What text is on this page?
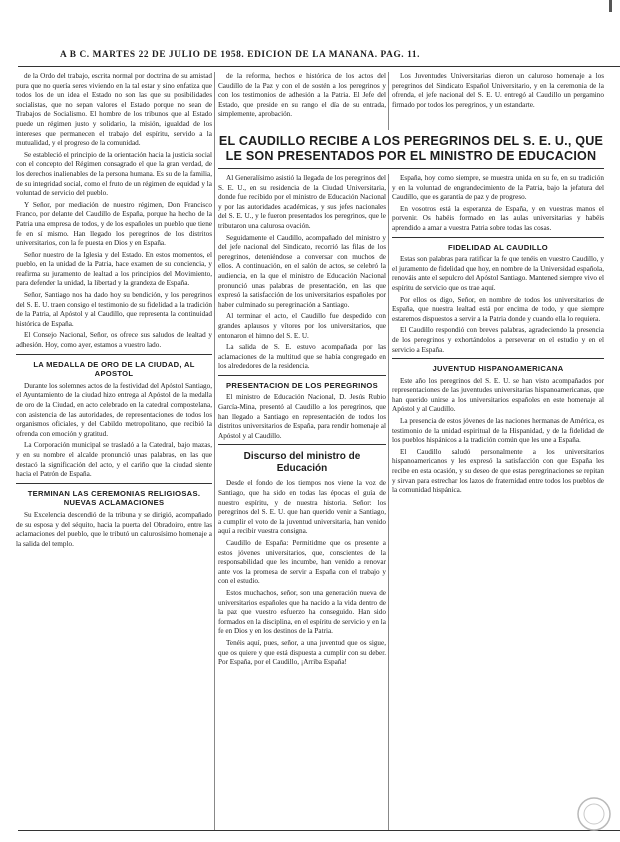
A B C. MARTES 22 DE JULIO DE 1958. EDICION DE LA MAÑANA. PAG. 11.

de la Ordo del trabajo, escrita normal por doctrina de su amistad pura que no quería seres viviendo en la tal estar y sino enfatiza que todos los de un idea el Estado no son las que su posibilidades socialistas, que no sepan valores el Estado porque no sean de Trabajos de Socialismo. El hombre de los tribunos que al Estado puede un régimen justo y solidario, la misión, igualdad de los intereses que permanecen el trabajo del espíritu, servido a la mutualidad, y el progreso de la comunidad.

Se estableció el principio de la orientación hacia la justicia social con el concepto del Régimen consagrado el que la gran verdad, de los derechos inalienables de la persona humana. Es su de la familia, de su integridad social, como el fruto de un régimen de equidad y la voluntad de servicio del pueblo.

Y Señor, por mediación de nuestro régimen, Don Francisco Franco, por delante del Caudillo de España, porque ha hecho de la Patria una empresa de todos, y de los españoles un pueblo que tiene fe en sí mismo. Han llegado los peregrinos de los distritos universitarios, con la fe puesta en Dios y en España.

Señor nuestro de la Iglesia y del Estado. En estos momentos, el pueblo, en la unidad de la Patria, hace examen de su conciencia, y reafirma su juramento de lealtad a los principios del Movimiento, para defender la unidad, la libertad y la grandeza de España.

Señor, Santiago nos ha dado hoy su bendición, y los peregrinos del S. E. U. traen consigo el testimonio de su fidelidad a la tradición de la Patria, al Apóstol y al Caudillo, que representa la continuidad histórica de España.

El Consejo Nacional, Señor, os ofrece sus saludos de lealtad y adhesión. Hoy, como ayer, estamos a vuestro lado.

LA MEDALLA DE ORO DE LA CIUDAD, AL APOSTOL

Durante los solemnes actos de la festividad del Apóstol Santiago, el Ayuntamiento de la ciudad hizo entrega al Apóstol de la medalla de oro de la Ciudad, en acto celebrado en la catedral compostelana, con asistencia de las autoridades, de representaciones de todos los organismos oficiales, y del Cabildo metropolitano, que recibió la ofrenda con emoción y gratitud.

La Corporación municipal se trasladó a la Catedral, bajo mazas, y en su nombre el alcalde pronunció unas palabras, en las que destacó la significación del acto, y el cariño que la ciudad siente hacia el Patrón de España.

TERMINAN LAS CEREMONIAS RELIGIOSAS. NUEVAS ACLAMACIONES

Su Excelencia descendió de la tribuna y se dirigió, acompañado de su esposa y del séquito, hacia la puerta del Obradoiro, entre las aclamaciones del pueblo, que le tributó un calurosísimo homenaje a la salida del templo.

de la reforma, hechos e histórica de los actos del Caudillo de la Paz y con el de sostén a los peregrinos y con los testimonios de adhesión a la Patria. El Jefe del Estado, que preside en su rango el día de su entrada, simplemente, aprobación.

Los Juventudes Universitarias dieron un caluroso homenaje a los peregrinos del Sindicato Español Universitario, y en la ceremonia de la ofrenda, el jefe nacional del S. E. U. entregó al Caudillo un pergamino firmado por todos los peregrinos, y un estandarte.

EL CAUDILLO RECIBE A LOS PEREGRINOS DEL S. E. U., QUE LE SON PRESENTADOS POR EL MINISTRO DE EDUCACION

Al Generalísimo asistió la llegada de los peregrinos del S. E. U., en su residencia de la Ciudad Universitaria, donde fue recibido por el ministro de Educación Nacional y por las autoridades académicas, y sus jefes nacionales del S. E. U., y le fueron presentados los peregrinos, que le tributaron una calurosa ovación.

Seguidamente el Caudillo, acompañado del ministro y del jefe nacional del Sindicato, recorrió las filas de los peregrinos, deteniéndose a conversar con muchos de ellos. A continuación, en el salón de actos, se celebró la audiencia, en la que el ministro de Educación Nacional pronunció unas palabras de presentación, en las que expresó la satisfacción de los universitarios españoles por haber culminado su peregrinación a Santiago.

Al terminar el acto, el Caudillo fue despedido con grandes aplausos y vítores por los universitarios, que entonaron el himno del S. E. U.

La salida de S. E. estuvo acompañada por las aclamaciones de la multitud que se había congregado en los alrededores de la residencia.

PRESENTACION DE LOS PEREGRINOS

El ministro de Educación Nacional, D. Jesús Rubio García-Mina, presentó al Caudillo a los peregrinos, que han llegado a Santiago en representación de todos los distritos universitarios de España, para rendir homenaje al Apóstol y al Caudillo.

Discurso del ministro de Educación

Desde el fondo de los tiempos nos viene la voz de Santiago, que ha sido en todas las épocas el guía de nuestro espíritu, y de nuestra historia. Señor: los peregrinos del S. E. U. que han querido venir a Santiago, a cumplir el voto de la juventud universitaria, han venido aquí a recibir vuestra consigna.

Caudillo de España: Permitidme que os presente a estos jóvenes universitarios, que, conscientes de la responsabilidad que les incumbe, han venido a renovar ante vos la promesa de servir a España con el trabajo y con el estudio.

Estos muchachos, señor, son una generación nueva de universitarios españoles que ha nacido a la vida dentro de la paz que vuestro esfuerzo ha conseguido. Han sido formados en la disciplina, en el espíritu de servicio y en la fe en Dios y en los destinos de la Patria.

Tenéis aquí, pues, señor, a una juventud que os sigue, que os quiere y que está dispuesta a cumplir con su deber. Por España, por el Caudillo, ¡Arriba España!

España, hoy como siempre, se muestra unida en su fe, en su tradición y en la voluntad de engrandecimiento de la Patria, bajo la jefatura del Caudillo, que es garantía de paz y de progreso.

En vosotros está la esperanza de España, y en vuestras manos el porvenir. Os habéis formado en las aulas universitarias y habéis aprendido a amar a vuestra Patria sobre todas las cosas.

FIDELIDAD AL CAUDILLO

Estas son palabras para ratificar la fe que tenéis en vuestro Caudillo, y el juramento de fidelidad que hoy, en nombre de la Universidad española, renováis ante el sepulcro del Apóstol Santiago. Mantened siempre vivo el espíritu de servicio que os trae aquí.

Por ellos os digo, Señor, en nombre de todos los universitarios de España, que nuestra lealtad está por encima de todo, y que siempre estaremos dispuestos a servir a la Patria donde y cuando ella lo requiera.

El Caudillo respondió con breves palabras, agradeciendo la presencia de los peregrinos y exhortándolos a perseverar en el estudio y en el servicio a España.

JUVENTUD HISPANOAMERICANA

Este año los peregrinos del S. E. U. se han visto acompañados por representaciones de las juventudes universitarias hispanoamericanas, que han querido unirse a los universitarios españoles en este homenaje al Apóstol y al Caudillo.

La presencia de estos jóvenes de las naciones hermanas de América, es testimonio de la unidad espiritual de la Hispanidad, y de la fidelidad de los pueblos hispánicos a la tradición común que les une a España.

El Caudillo saludó personalmente a los universitarios hispanoamericanos y les expresó la satisfacción con que España les recibe en esta ocasión, y su deseo de que estas peregrinaciones se repitan y sirvan para estrechar los lazos de fraternidad entre todos los pueblos de la comunidad hispánica.
